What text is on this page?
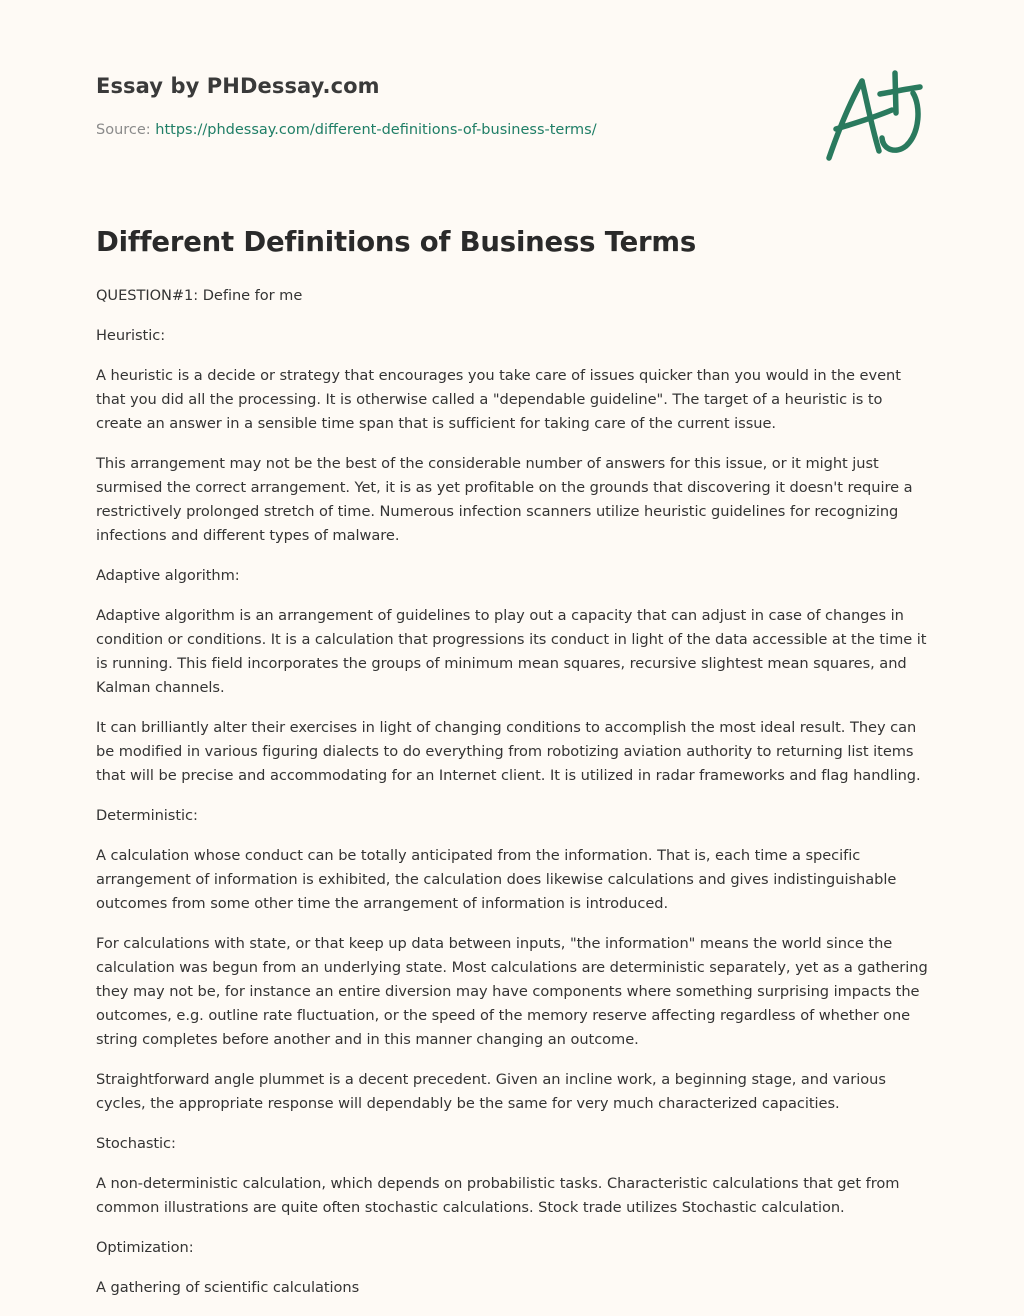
Essay by PHDessay.com
Source: https://phdessay.com/different-definitions-of-business-terms/
Different Definitions of Business Terms

QUESTION#1: Define for me

Heuristic:

A heuristic is a decide or strategy that encourages you take care of issues quicker than you would in the event that you did all the processing. It is otherwise called a "dependable guideline". The target of a heuristic is to create an answer in a sensible time span that is sufficient for taking care of the current issue.

This arrangement may not be the best of the considerable number of answers for this issue, or it might just surmised the correct arrangement. Yet, it is as yet profitable on the grounds that discovering it doesn't require a restrictively prolonged stretch of time. Numerous infection scanners utilize heuristic guidelines for recognizing infections and different types of malware.

Adaptive algorithm:

Adaptive algorithm is an arrangement of guidelines to play out a capacity that can adjust in case of changes in condition or conditions. It is a calculation that progressions its conduct in light of the data accessible at the time it is running. This field incorporates the groups of minimum mean squares, recursive slightest mean squares, and Kalman channels.

It can brilliantly alter their exercises in light of changing conditions to accomplish the most ideal result. They can be modified in various figuring dialects to do everything from robotizing aviation authority to returning list items that will be precise and accommodating for an Internet client. It is utilized in radar frameworks and flag handling.

Deterministic:

A calculation whose conduct can be totally anticipated from the information. That is, each time a specific arrangement of information is exhibited, the calculation does likewise calculations and gives indistinguishable outcomes from some other time the arrangement of information is introduced.

For calculations with state, or that keep up data between inputs, "the information" means the world since the calculation was begun from an underlying state. Most calculations are deterministic separately, yet as a gathering they may not be, for instance an entire diversion may have components where something surprising impacts the outcomes, e.g. outline rate fluctuation, or the speed of the memory reserve affecting regardless of whether one string completes before another and in this manner changing an outcome.

Straightforward angle plummet is a decent precedent. Given an incline work, a beginning stage, and various cycles, the appropriate response will dependably be the same for very much characterized capacities.

Stochastic:

A non-deterministic calculation, which depends on probabilistic tasks. Characteristic calculations that get from common illustrations are quite often stochastic calculations. Stock trade utilizes Stochastic calculation.

Optimization:

A gathering of scientific calculations
